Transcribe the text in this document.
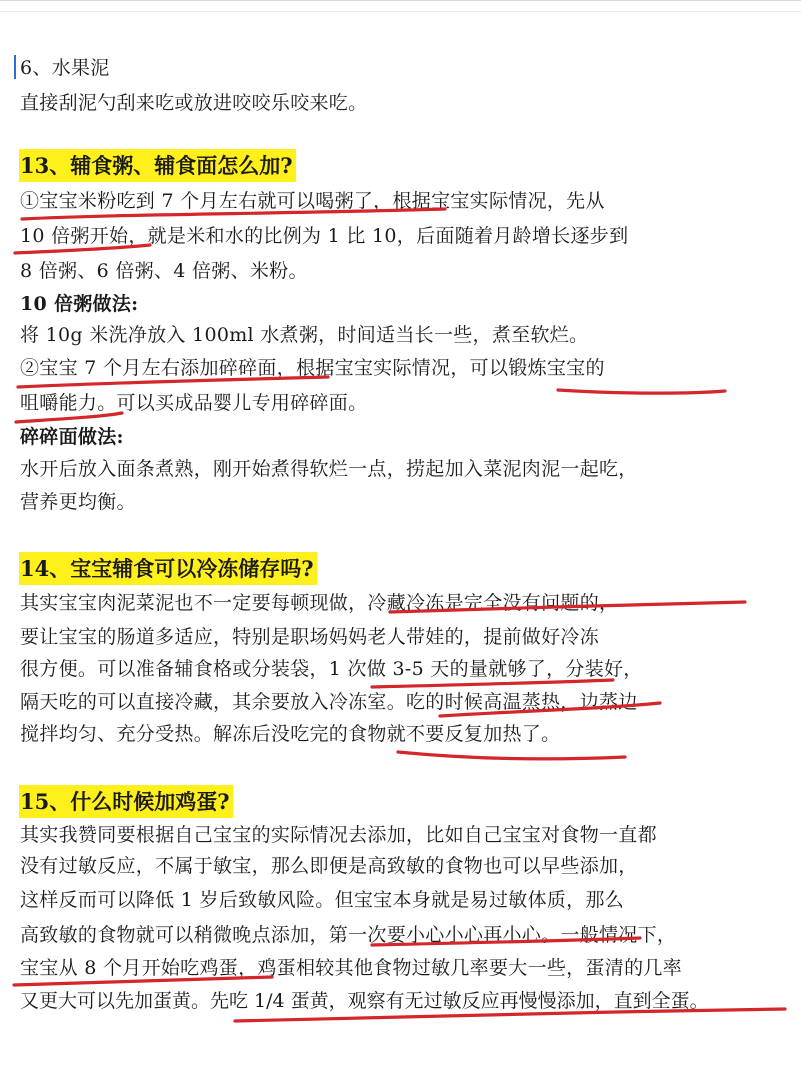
6、水果泥
直接刮泥勺刮来吃或放进咬咬乐咬来吃。
13、辅食粥、辅食面怎么加?
①宝宝米粉吃到 7 个月左右就可以喝粥了，根据宝宝实际情况，先从
10 倍粥开始，就是米和水的比例为 1 比 10，后面随着月龄增长逐步到
8 倍粥、6 倍粥、4 倍粥、米粉。
10 倍粥做法:
将 10g 米洗净放入 100ml 水煮粥，时间适当长一些，煮至软烂。
②宝宝 7 个月左右添加碎碎面，根据宝宝实际情况，可以锻炼宝宝的
咀嚼能力。可以买成品婴儿专用碎碎面。
碎碎面做法:
水开后放入面条煮熟，刚开始煮得软烂一点，捞起加入菜泥肉泥一起吃，
营养更均衡。
14、宝宝辅食可以冷冻储存吗?
其实宝宝肉泥菜泥也不一定要每顿现做，冷藏冷冻是完全没有问题的，
要让宝宝的肠道多适应，特别是职场妈妈老人带娃的，提前做好冷冻
很方便。可以准备辅食格或分装袋，1 次做 3-5 天的量就够了，分装好，
隔天吃的可以直接冷藏，其余要放入冷冻室。吃的时候高温蒸热，边蒸边
搅拌均匀、充分受热。解冻后没吃完的食物就不要反复加热了。
15、什么时候加鸡蛋?
其实我赞同要根据自己宝宝的实际情况去添加，比如自己宝宝对食物一直都
没有过敏反应，不属于敏宝，那么即便是高致敏的食物也可以早些添加，
这样反而可以降低 1 岁后致敏风险。但宝宝本身就是易过敏体质，那么
高致敏的食物就可以稍微晚点添加，第一次要小心小心再小心。一般情况下，
宝宝从 8 个月开始吃鸡蛋，鸡蛋相较其他食物过敏几率要大一些，蛋清的几率
又更大可以先加蛋黄。先吃 1/4 蛋黄，观察有无过敏反应再慢慢添加，直到全蛋。
